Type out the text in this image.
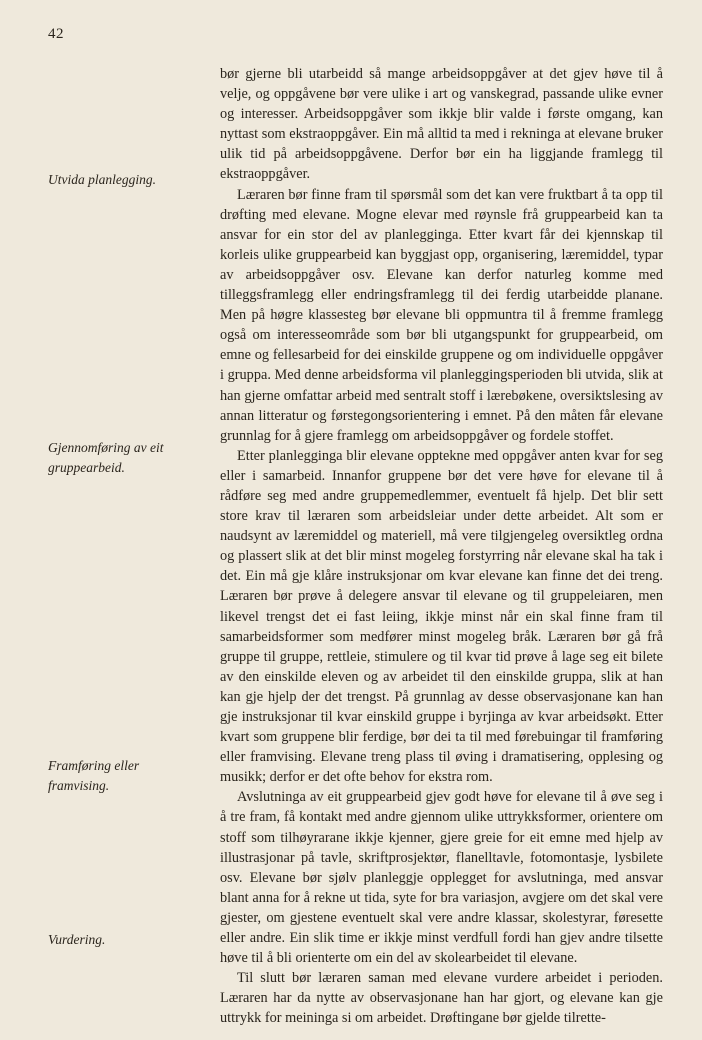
42
Utvida planlegging.
Gjennomføring av eit gruppearbeid.
Framføring eller framvising.
Vurdering.

bør gjerne bli utarbeidd så mange arbeidsoppgåver at det gjev høve til å velje, og oppgåvene bør vere ulike i art og vanskegrad, passande ulike evner og interesser. Arbeidsoppgåver som ikkje blir valde i første omgang, kan nyttast som ekstraoppgåver. Ein må alltid ta med i rekninga at elevane bruker ulik tid på arbeidsoppgåvene. Derfor bør ein ha liggjande framlegg til ekstraoppgåver.

Læraren bør finne fram til spørsmål som det kan vere fruktbart å ta opp til drøfting med elevane. Mogne elevar med røynsle frå gruppearbeid kan ta ansvar for ein stor del av planlegginga. Etter kvart får dei kjennskap til korleis ulike gruppearbeid kan byggjast opp, organisering, læremiddel, typar av arbeidsoppgåver osv. Elevane kan derfor naturleg komme med tilleggsframlegg eller endringsframlegg til dei ferdig utarbeidde planane. Men på høgre klassesteg bør elevane bli oppmuntra til å fremme framlegg også om interesseområde som bør bli utgangspunkt for gruppearbeid, om emne og fellesarbeid for dei einskilde gruppene og om individuelle oppgåver i gruppa. Med denne arbeidsforma vil planleggingsperioden bli utvida, slik at han gjerne omfattar arbeid med sentralt stoff i lærebøkene, oversiktslesing av annan litteratur og førstegongsorientering i emnet. På den måten får elevane grunnlag for å gjere framlegg om arbeidsoppgåver og fordele stoffet.

Etter planlegginga blir elevane opptekne med oppgåver anten kvar for seg eller i samarbeid. Innanfor gruppene bør det vere høve for elevane til å rådføre seg med andre gruppemedlemmer, eventuelt få hjelp. Det blir sett store krav til læraren som arbeidsleiar under dette arbeidet. Alt som er naudsynt av læremiddel og materiell, må vere tilgjengeleg oversiktleg ordna og plassert slik at det blir minst mogeleg forstyrring når elevane skal ha tak i det. Ein må gje klåre instruksjonar om kvar elevane kan finne det dei treng. Læraren bør prøve å delegere ansvar til elevane og til gruppeleiaren, men likevel trengst det ei fast leiing, ikkje minst når ein skal finne fram til samarbeidsformer som medfører minst mogeleg bråk. Læraren bør gå frå gruppe til gruppe, rettleie, stimulere og til kvar tid prøve å lage seg eit bilete av den einskilde eleven og av arbeidet til den einskilde gruppa, slik at han kan gje hjelp der det trengst. På grunnlag av desse observasjonane kan han gje instruksjonar til kvar einskild gruppe i byrjinga av kvar arbeidsøkt. Etter kvart som gruppene blir ferdige, bør dei ta til med førebuingar til framføring eller framvising. Elevane treng plass til øving i dramatisering, opplesing og musikk; derfor er det ofte behov for ekstra rom.

Avslutninga av eit gruppearbeid gjev godt høve for elevane til å øve seg i å tre fram, få kontakt med andre gjennom ulike uttrykksformer, orientere om stoff som tilhøyrarane ikkje kjenner, gjere greie for eit emne med hjelp av illustrasjonar på tavle, skriftprosjektør, flanelltavle, fotomontasje, lysbilete osv. Elevane bør sjølv planleggje opplegget for avslutninga, med ansvar blant anna for å rekne ut tida, syte for bra variasjon, avgjere om det skal vere gjester, om gjestene eventuelt skal vere andre klassar, skolestyrar, føresette eller andre. Ein slik time er ikkje minst verdfull fordi han gjev andre tilsette høve til å bli orienterte om ein del av skolearbeidet til elevane.

Til slutt bør læraren saman med elevane vurdere arbeidet i perioden. Læraren har da nytte av observasjonane han har gjort, og elevane kan gje uttrykk for meininga si om arbeidet. Drøftingane bør gjelde tilrette-
